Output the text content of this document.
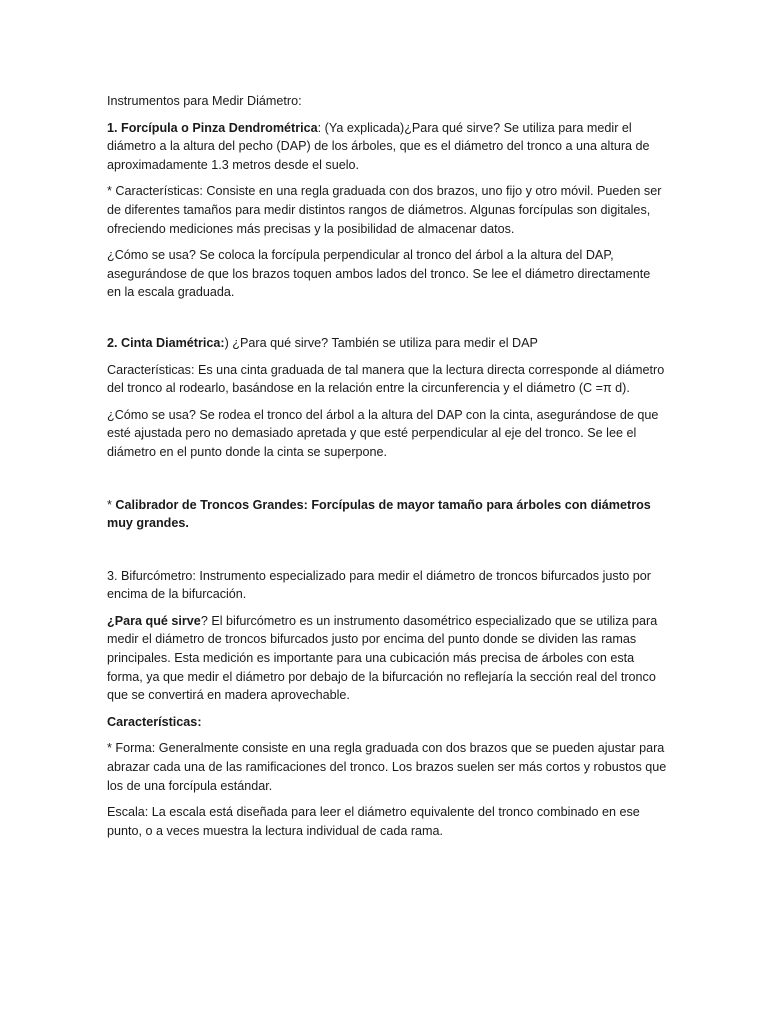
Instrumentos para Medir Diámetro:

1. Forcípula o Pinza Dendrométrica: (Ya explicada)¿Para qué sirve? Se utiliza para medir el diámetro a la altura del pecho (DAP) de los árboles, que es el diámetro del tronco a una altura de aproximadamente 1.3 metros desde el suelo.

* Características: Consiste en una regla graduada con dos brazos, uno fijo y otro móvil. Pueden ser de diferentes tamaños para medir distintos rangos de diámetros. Algunas forcípulas son digitales, ofreciendo mediciones más precisas y la posibilidad de almacenar datos.

¿Cómo se usa? Se coloca la forcípula perpendicular al tronco del árbol a la altura del DAP, asegurándose de que los brazos toquen ambos lados del tronco. Se lee el diámetro directamente en la escala graduada.

2. Cinta Diamétrica:) ¿Para qué sirve? También se utiliza para medir el DAP

Características: Es una cinta graduada de tal manera que la lectura directa corresponde al diámetro del tronco al rodearlo, basándose en la relación entre la circunferencia y el diámetro (C =π d).

¿Cómo se usa? Se rodea el tronco del árbol a la altura del DAP con la cinta, asegurándose de que esté ajustada pero no demasiado apretada y que esté perpendicular al eje del tronco. Se lee el diámetro en el punto donde la cinta se superpone.

* Calibrador de Troncos Grandes: Forcípulas de mayor tamaño para árboles con diámetros muy grandes.

3. Bifurcómetro: Instrumento especializado para medir el diámetro de troncos bifurcados justo por encima de la bifurcación.

¿Para qué sirve? El bifurcómetro es un instrumento dasométrico especializado que se utiliza para medir el diámetro de troncos bifurcados justo por encima del punto donde se dividen las ramas principales. Esta medición es importante para una cubicación más precisa de árboles con esta forma, ya que medir el diámetro por debajo de la bifurcación no reflejaría la sección real del tronco que se convertirá en madera aprovechable.

Características:

* Forma: Generalmente consiste en una regla graduada con dos brazos que se pueden ajustar para abrazar cada una de las ramificaciones del tronco. Los brazos suelen ser más cortos y robustos que los de una forcípula estándar.

Escala: La escala está diseñada para leer el diámetro equivalente del tronco combinado en ese punto, o a veces muestra la lectura individual de cada rama.
